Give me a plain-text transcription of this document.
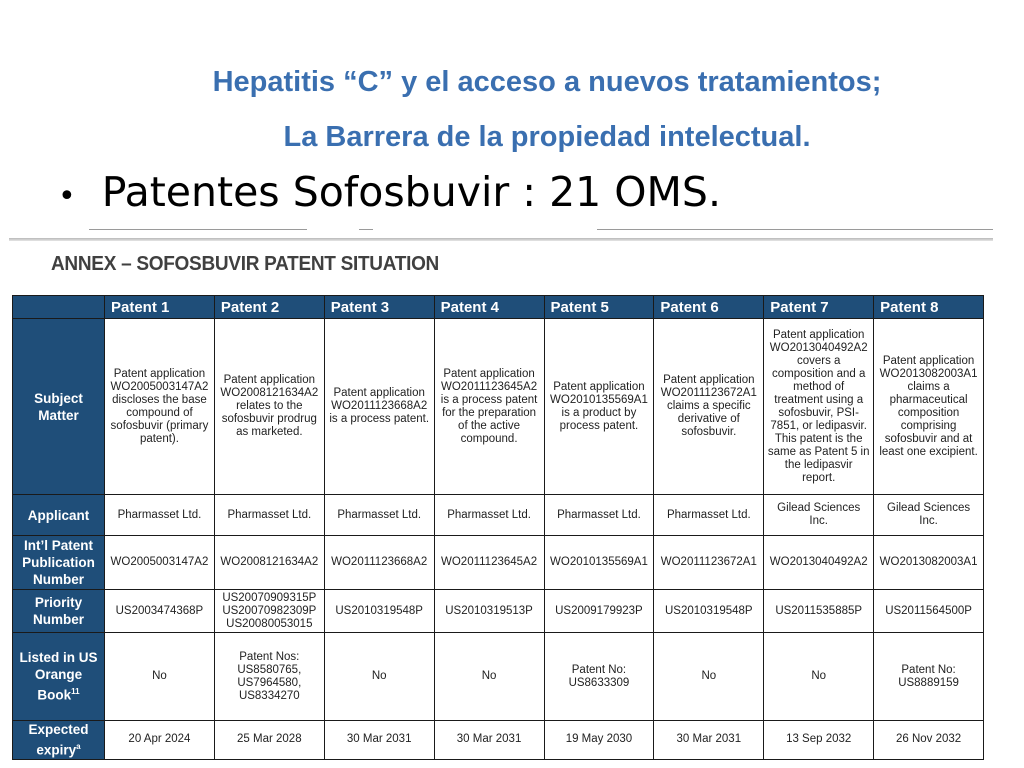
Hepatitis “C” y el acceso a nuevos tratamientos;
La Barrera de la propiedad intelectual.
• Patentes Sofosbuvir : 21 OMS.
ANNEX – SOFOSBUVIR PATENT SITUATION
	Patent 1	Patent 2	Patent 3	Patent 4	Patent 5	Patent 6	Patent 7	Patent 8
Subject Matter	Patent application WO2005003147A2 discloses the base compound of sofosbuvir (primary patent).	Patent application WO2008121634A2 relates to the sofosbuvir prodrug as marketed.	Patent application WO2011123668A2 is a process patent.	Patent application WO2011123645A2 is a process patent for the preparation of the active compound.	Patent application WO2010135569A1 is a product by process patent.	Patent application WO2011123672A1 claims a specific derivative of sofosbuvir.	Patent application WO2013040492A2 covers a composition and a method of treatment using a sofosbuvir, PSI-7851, or ledipasvir. This patent is the same as Patent 5 in the ledipasvir report.	Patent application WO2013082003A1 claims a pharmaceutical composition comprising sofosbuvir and at least one excipient.
Applicant	Pharmasset Ltd.	Pharmasset Ltd.	Pharmasset Ltd.	Pharmasset Ltd.	Pharmasset Ltd.	Pharmasset Ltd.	Gilead Sciences Inc.	Gilead Sciences Inc.
Int’l Patent Publication Number	WO2005003147A2	WO2008121634A2	WO2011123668A2	WO2011123645A2	WO2010135569A1	WO2011123672A1	WO2013040492A2	WO2013082003A1
Priority Number	US2003474368P	US20070909315P US20070982309P US20080053015	US2010319548P	US2010319513P	US2009179923P	US2010319548P	US2011535885P	US2011564500P
Listed in US Orange Book$^{11}$	No	Patent Nos: US8580765, US7964580, US8334270	No	No	Patent No: US8633309	No	No	Patent No: US8889159
Expected expiry$^a$	20 Apr 2024	25 Mar 2028	30 Mar 2031	30 Mar 2031	19 May 2030	30 Mar 2031	13 Sep 2032	26 Nov 2032
